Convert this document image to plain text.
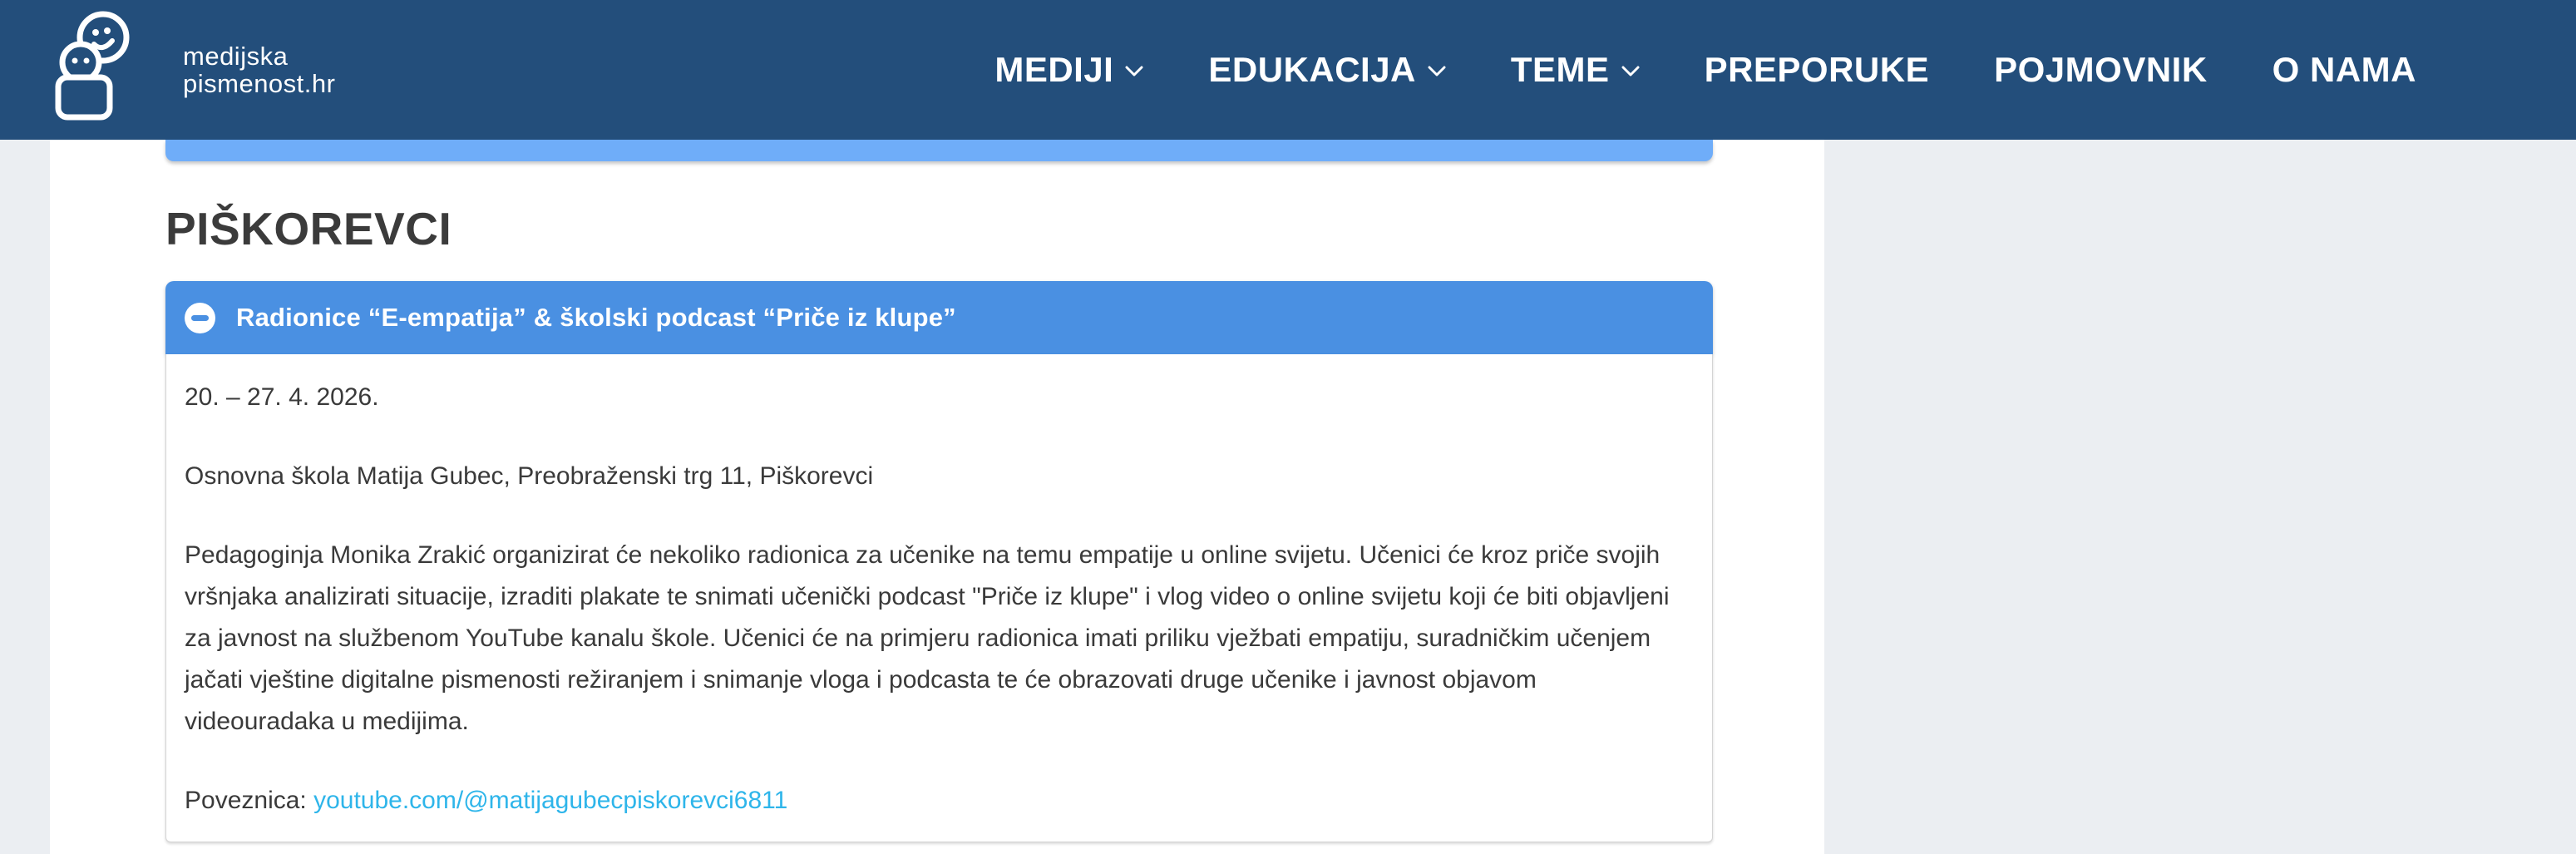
medijska
pismenost.hr	MEDIJI	EDUKACIJA	TEME	PREPORUKE POJMOVNIK O NAMA
PIŠKOREVCI
Radionice “E-empatija” & školski podcast “Priče iz klupe”

20. – 27. 4. 2026.

Osnovna škola Matija Gubec, Preobraženski trg 11, Piškorevci

Pedagoginja Monika Zrakić organizirat će nekoliko radionica za učenike na temu empatije u online svijetu. Učenici će kroz priče svojih vršnjaka analizirati situacije, izraditi plakate te snimati učenički podcast "Priče iz klupe" i vlog video o online svijetu koji će biti objavljeni za javnost na službenom YouTube kanalu škole. Učenici će na primjeru radionica imati priliku vježbati empatiju, suradničkim učenjem jačati vještine digitalne pismenosti režiranjem i snimanje vloga i podcasta te će obrazovati druge učenike i javnost objavom videouradaka u medijima.

Poveznica: youtube.com/@matijagubecpiskorevci6811
